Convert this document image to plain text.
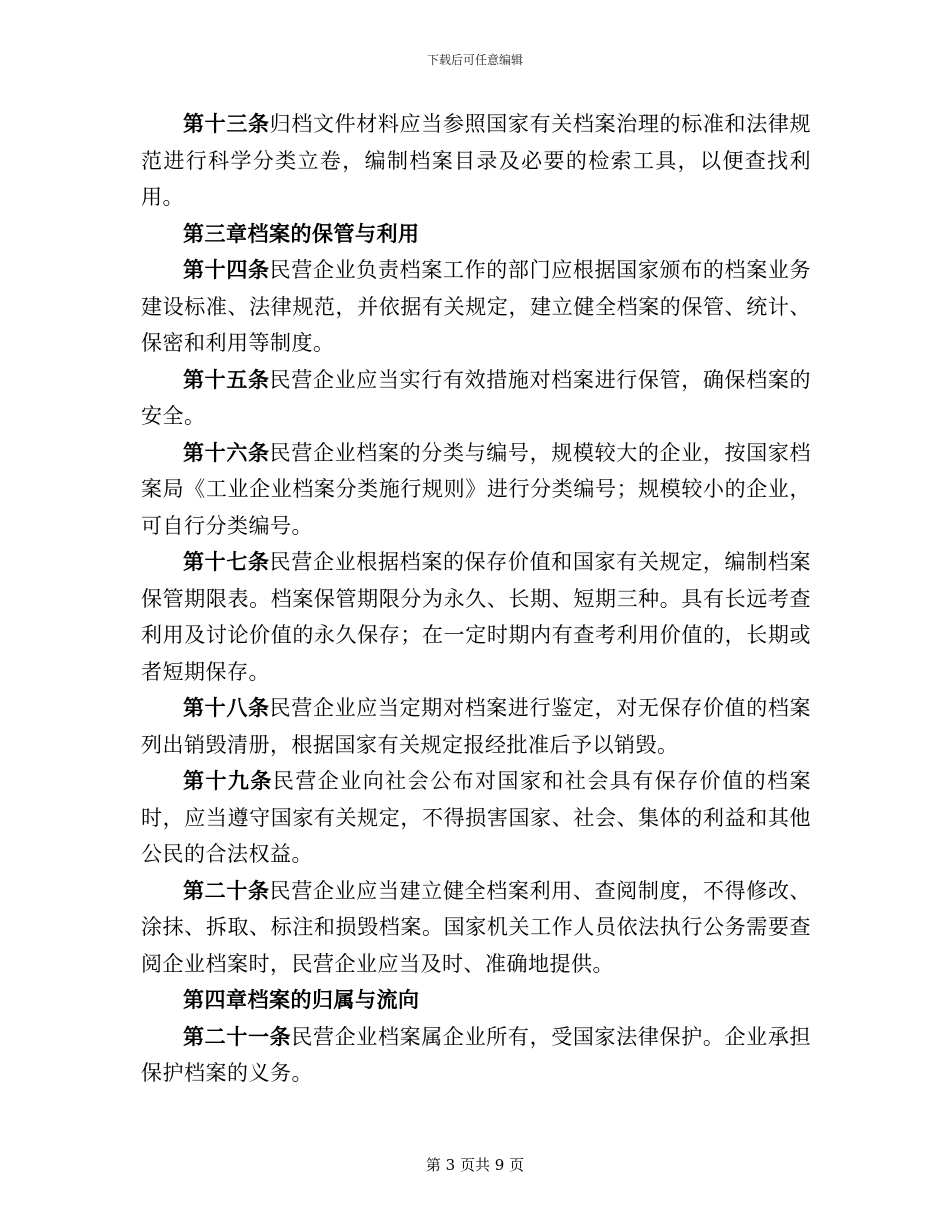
下载后可任意编辑

第十三条归档文件材料应当参照国家有关档案治理的标准和法律规范进行科学分类立卷，编制档案目录及必要的检索工具，以便查找利用。

第三章档案的保管与利用

第十四条民营企业负责档案工作的部门应根据国家颁布的档案业务建设标准、法律规范，并依据有关规定，建立健全档案的保管、统计、保密和利用等制度。

第十五条民营企业应当实行有效措施对档案进行保管，确保档案的安全。

第十六条民营企业档案的分类与编号，规模较大的企业，按国家档案局《工业企业档案分类施行规则》进行分类编号；规模较小的企业，可自行分类编号。

第十七条民营企业根据档案的保存价值和国家有关规定，编制档案保管期限表。档案保管期限分为永久、长期、短期三种。具有长远考查利用及讨论价值的永久保存；在一定时期内有查考利用价值的，长期或者短期保存。

第十八条民营企业应当定期对档案进行鉴定，对无保存价值的档案列出销毁清册，根据国家有关规定报经批准后予以销毁。

第十九条民营企业向社会公布对国家和社会具有保存价值的档案时，应当遵守国家有关规定，不得损害国家、社会、集体的利益和其他公民的合法权益。

第二十条民营企业应当建立健全档案利用、查阅制度，不得修改、涂抹、拆取、标注和损毁档案。国家机关工作人员依法执行公务需要查阅企业档案时，民营企业应当及时、准确地提供。

第四章档案的归属与流向

第二十一条民营企业档案属企业所有，受国家法律保护。企业承担保护档案的义务。

第 3 页共 9 页
